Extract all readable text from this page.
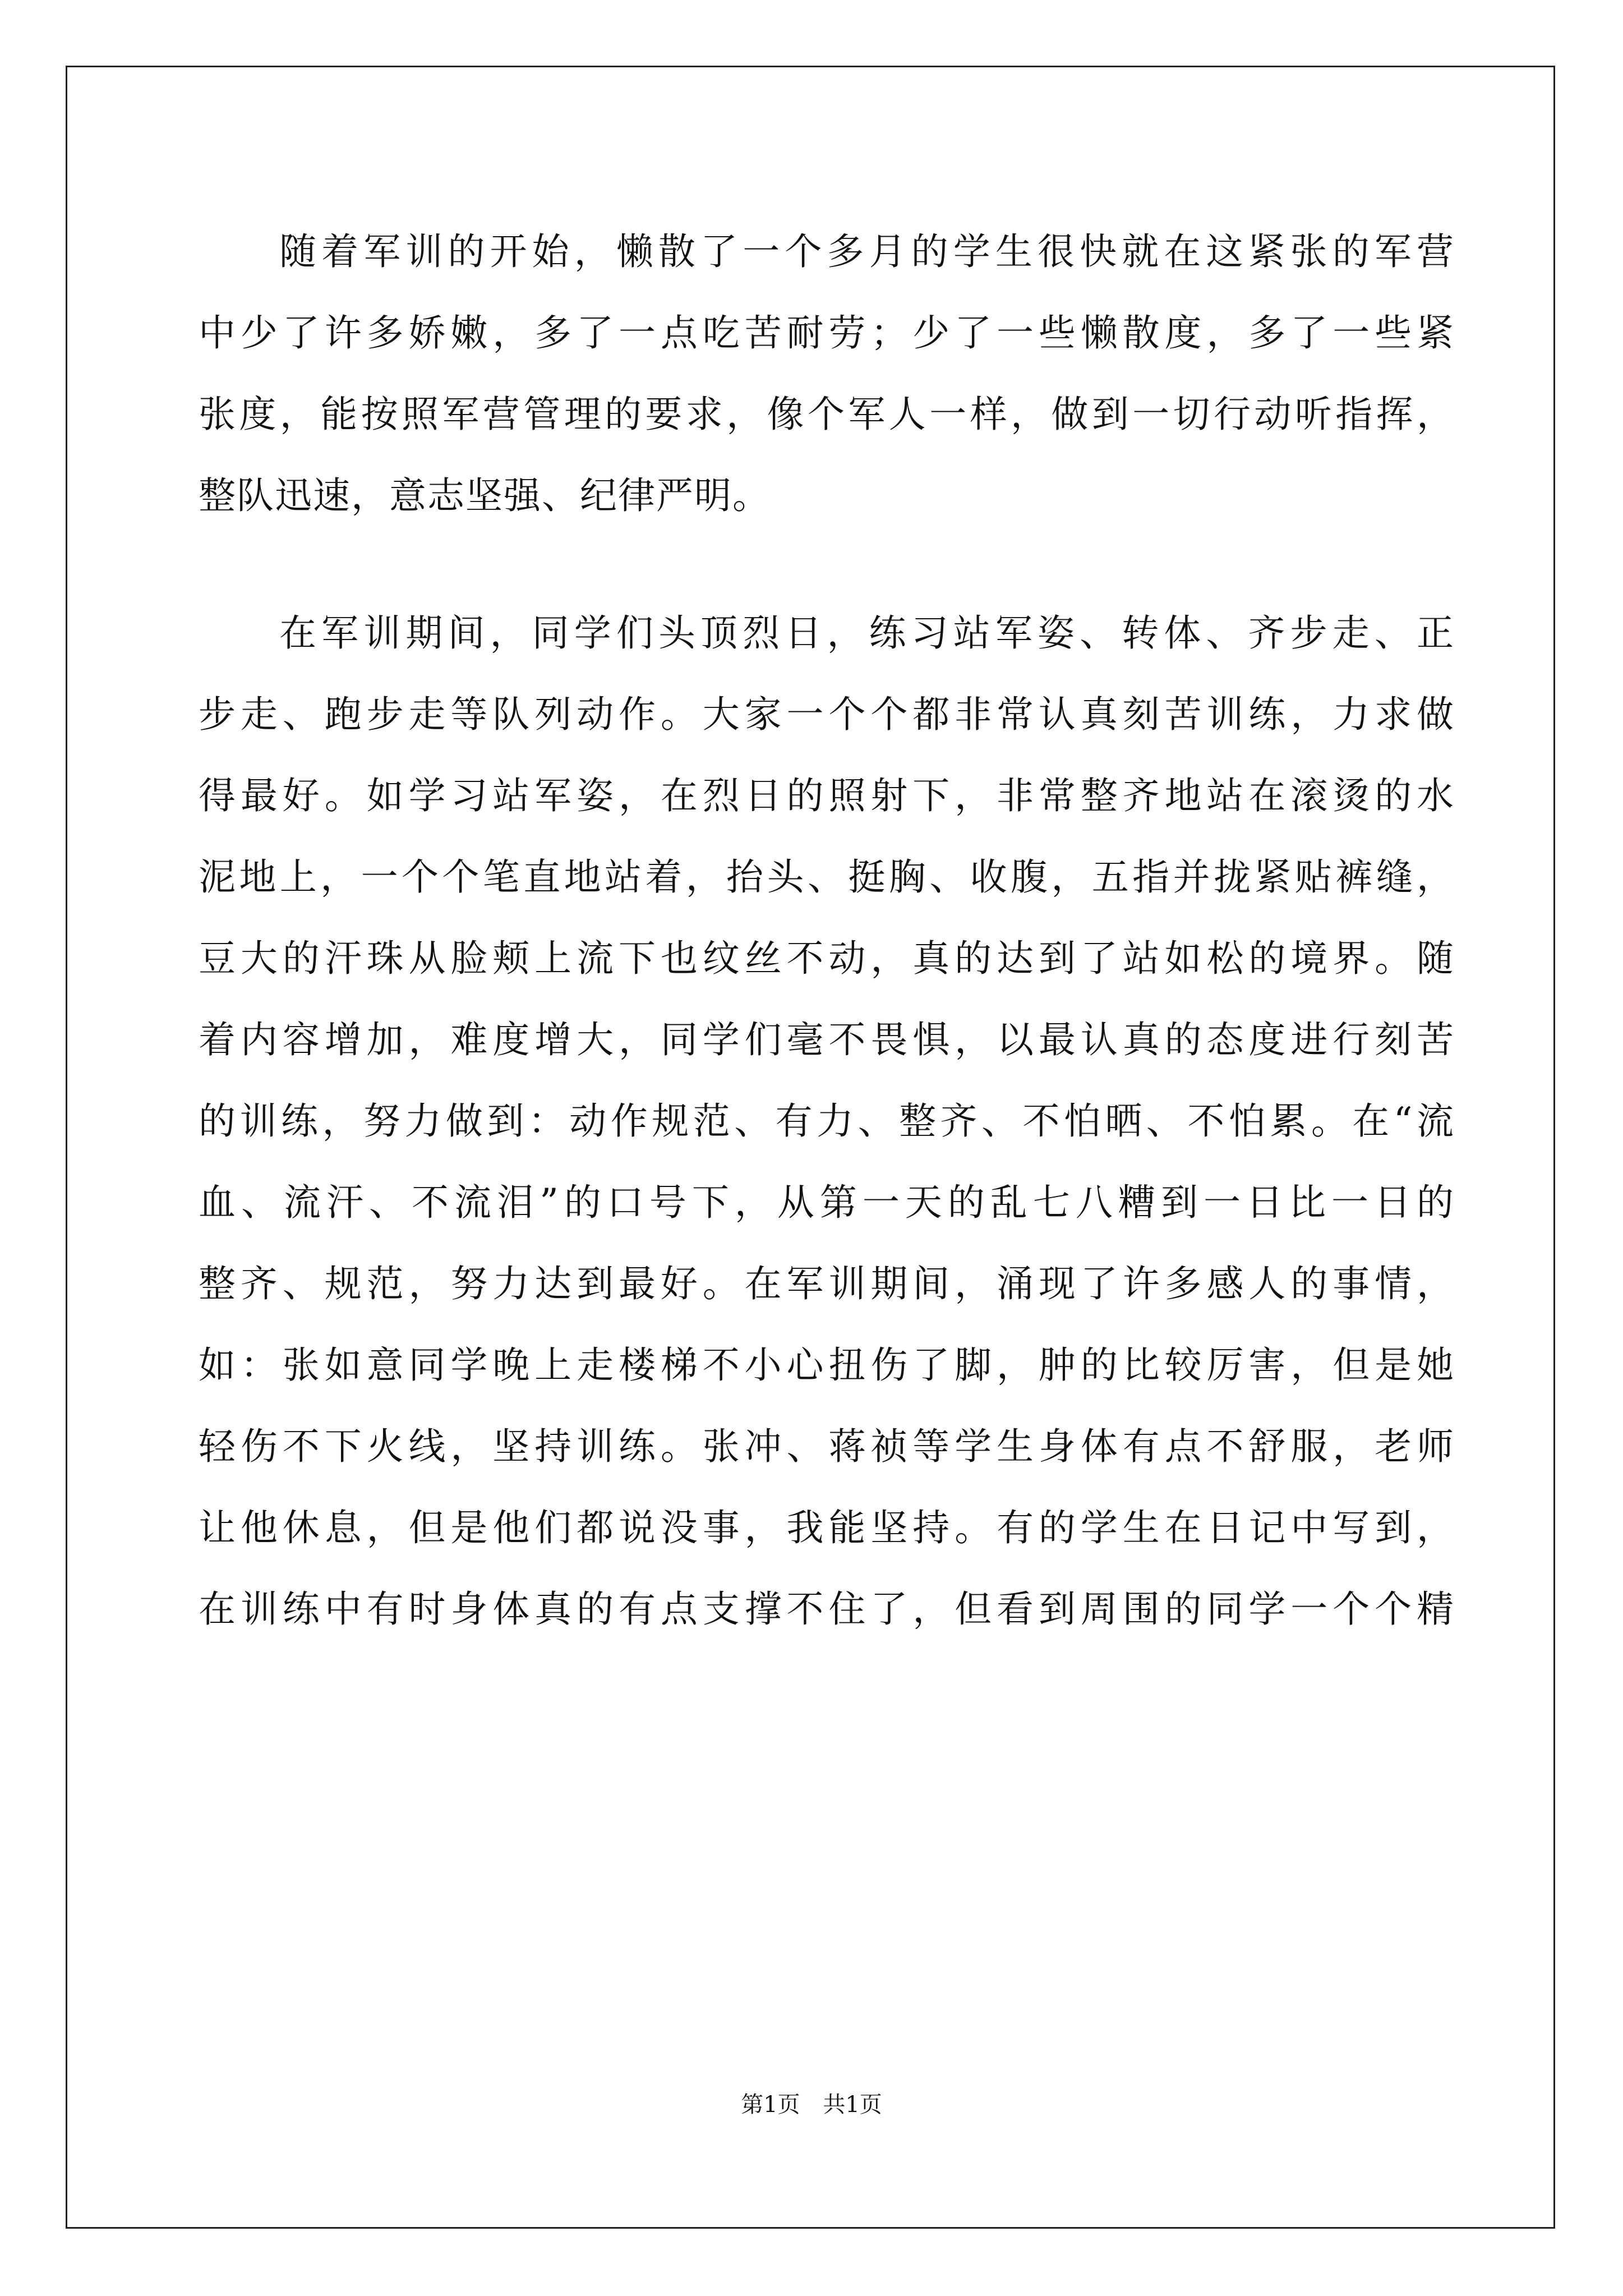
随着军训的开始，懒散了一个多月的学生很快就在这紧张的军营
中少了许多娇嫩，多了一点吃苦耐劳；少了一些懒散度，多了一些紧
张度，能按照军营管理的要求，像个军人一样，做到一切行动听指挥，
整队迅速，意志坚强、纪律严明。
在军训期间，同学们头顶烈日，练习站军姿、转体、齐步走、正
步走、跑步走等队列动作。大家一个个都非常认真刻苦训练，力求做
得最好。如学习站军姿，在烈日的照射下，非常整齐地站在滚烫的水
泥地上，一个个笔直地站着，抬头、挺胸、收腹，五指并拢紧贴裤缝，
豆大的汗珠从脸颊上流下也纹丝不动，真的达到了站如松的境界。随
着内容增加，难度增大，同学们毫不畏惧，以最认真的态度进行刻苦
的训练，努力做到：动作规范、有力、整齐、不怕晒、不怕累。在“流
血、流汗、不流泪”的口号下，从第一天的乱七八糟到一日比一日的
整齐、规范，努力达到最好。在军训期间，涌现了许多感人的事情，
如：张如意同学晚上走楼梯不小心扭伤了脚，肿的比较厉害，但是她
轻伤不下火线，坚持训练。张冲、蒋祯等学生身体有点不舒服，老师
让他休息，但是他们都说没事，我能坚持。有的学生在日记中写到，
在训练中有时身体真的有点支撑不住了，但看到周围的同学一个个精
第1页 共1页
